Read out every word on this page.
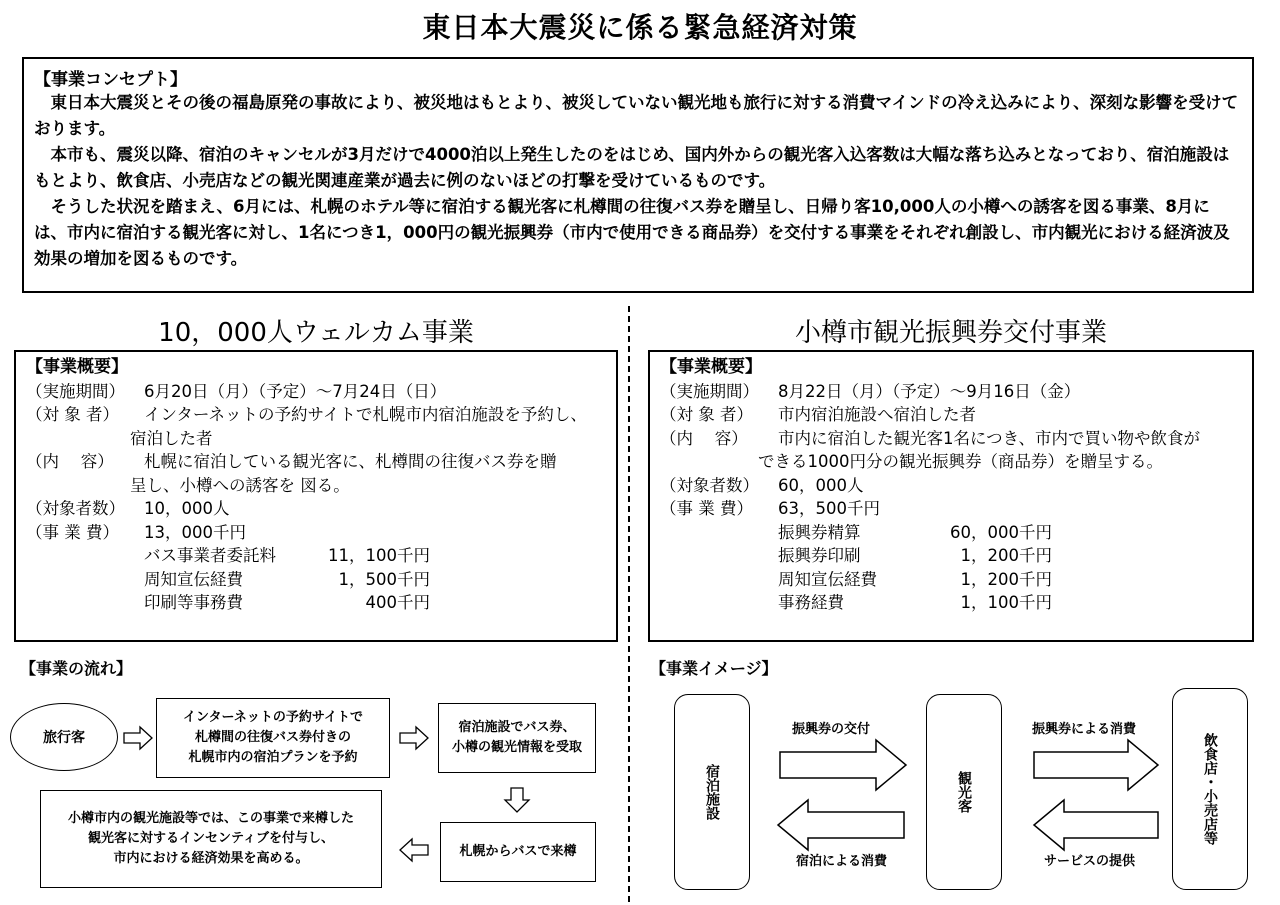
東日本大震災に係る緊急経済対策
【事業コンセプト】

　東日本大震災とその後の福島原発の事故により、被災地はもとより、被災していない観光地も旅行に対する消費マインドの冷え込みにより、深刻な影響を受けております。

　本市も、震災以降、宿泊のキャンセルが3月だけで4000泊以上発生したのをはじめ、国内外からの観光客入込客数は大幅な落ち込みとなっており、宿泊施設はもとより、飲食店、小売店などの観光関連産業が過去に例のないほどの打撃を受けているものです。

　そうした状況を踏まえ、6月には、札幌のホテル等に宿泊する観光客に札樽間の往復バス券を贈呈し、日帰り客10,000人の小樽への誘客を図る事業、8月には、市内に宿泊する観光客に対し、1名につき1，000円の観光振興券（市内で使用できる商品券）を交付する事業をそれぞれ創設し、市内観光における経済波及効果の増加を図るものです。

10，000人ウェルカム事業
【事業概要】
（実施期間） 6月20日（月）（予定）～7月24日（日）
（対 象 者） インターネットの予約サイトで札幌市内宿泊施設を予約し、
宿泊した者
（内　 容） 札幌に宿泊している観光客に、札樽間の往復バス券を贈
呈し、小樽への誘客を 図る。
（対象者数） 10，000人
（事 業 費） 13，000千円
バス事業者委託料	11，100千円
周知宣伝経費	1，500千円
印刷等事務費	400千円
【事業の流れ】
旅行客
インターネットの予約サイトで
札樽間の往復バス券付きの
札幌市内の宿泊プランを予約
宿泊施設でバス券、
小樽の観光情報を受取
札幌からバスで来樽
小樽市内の観光施設等では、この事業で来樽した
観光客に対するインセンティブを付与し、
市内における経済効果を高める。
小樽市観光振興券交付事業
【事業概要】
（実施期間） 8月22日（月）（予定）～9月16日（金）
（対 象 者） 市内宿泊施設へ宿泊した者
（内　 容） 市内に宿泊した観光客1名につき、市内で買い物や飲食が
できる1000円分の観光振興券（商品券）を贈呈する。
（対象者数） 60，000人
（事 業 費） 63，500千円
振興券精算	60，000千円
振興券印刷	1，200千円
周知宣伝経費	1，200千円
事務経費	1，100千円
【事業イメージ】
宿泊施設	観光客	飲食店・小売店等
振興券の交付
宿泊による消費
振興券による消費
サービスの提供
